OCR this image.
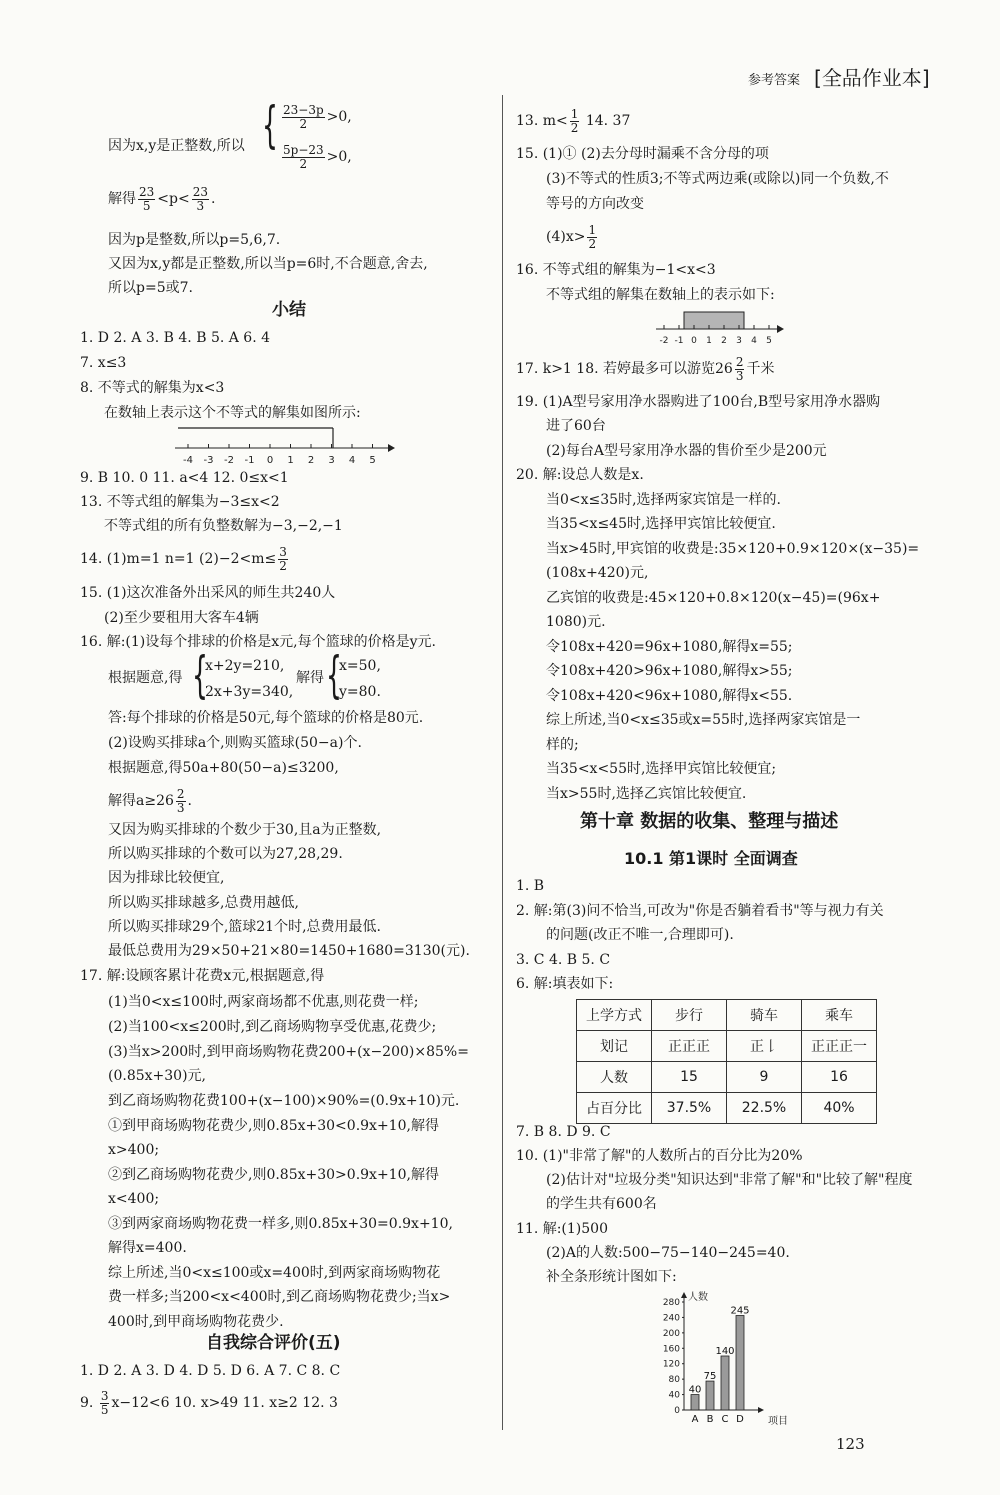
参考答案 [全品作业本]
因为x,y是正整数,所以 { $\frac{23-3p}{2} >0$,
$\frac{5p-23}{2} >0$,
解得 $\frac{23}{5} <p< \frac{23}{3}$ .
因为p是整数,所以p=5,6,7.
又因为x,y都是正整数,所以当p=6时,不合题意,舍去,
所以p=5或7.
小结
1. D 2. A 3. B 4. B 5. A 6. 4
7. x≤3
8. 不等式的解集为x<3
在数轴上表示这个不等式的解集如图所示:
-4 -3 -2 -1 0 1 2 3 4 5
9. B 10. 0 11. a<4 12. 0≤x<1
13. 不等式组的解集为−3≤x<2
不等式组的所有负整数解为−3,−2,−1
14. (1)m=1 n=1 $(2)-2<m\le \frac{3}{2}$
15. (1)这次准备外出采风的师生共240人
(2)至少要租用大客车4辆
16. 解:(1)设每个排球的价格是x元,每个篮球的价格是y元.
根据题意,得 {
x+2y=210,
2x+3y=340,
解得 {
x=50,
y=80.
答:每个排球的价格是50元,每个篮球的价格是80元.
(2)设购买排球a个,则购买篮球(50−a)个.
根据题意,得50a+80(50−a)≤3200,
解得$a\ge 26 \frac{2}{3}$ .
又因为购买排球的个数少于30,且a为正整数,
所以购买排球的个数可以为27,28,29.
因为排球比较便宜,
所以购买排球越多,总费用越低,
所以购买排球29个,篮球21个时,总费用最低.
最低总费用为29×50+21×80=1450+1680=3130(元).
17. 解:设顾客累计花费x元,根据题意,得
(1)当0<x≤100时,两家商场都不优惠,则花费一样;
(2)当100<x≤200时,到乙商场购物享受优惠,花费少;
(3)当x>200时,到甲商场购物花费200+(x−200)×85%=
(0.85x+30)元,
到乙商场购物花费100+(x−100)×90%=(0.9x+10)元.
①到甲商场购物花费少,则0.85x+30<0.9x+10,解得
x>400;
②到乙商场购物花费少,则0.85x+30>0.9x+10,解得
x<400;
③到两家商场购物花费一样多,则0.85x+30=0.9x+10,
解得x=400.
综上所述,当0<x≤100或x=400时,到两家商场购物花
费一样多;当200<x<400时,到乙商场购物花费少;当x>
400时,到甲商场购物花费少.
自我综合评价(五)
1. D 2. A 3. D 4. D 5. D 6. A 7. C 8. C
9. $\frac{3}{5} x-12<6$ 10. x>49 11. x≥2 12. 3
13. $m< \frac{1}{2} 14$. 37
15. (1)① (2)去分母时漏乘不含分母的项
(3)不等式的性质3;不等式两边乘(或除以)同一个负数,不
等号的方向改变
$(4)x> \frac{1}{2}$
16. 不等式组的解集为−1<x<3
不等式组的解集在数轴上的表示如下:
-2 -1 0 1 2 3 4 5
17. k>1 18. 若婷最多可以游览$26 \frac{2}{3}$ 千米
19. (1)A型号家用净水器购进了100台,B型号家用净水器购
进了60台
(2)每台A型号家用净水器的售价至少是200元
20. 解:设总人数是x.
当0<x≤35时,选择两家宾馆是一样的.
当35<x≤45时,选择甲宾馆比较便宜.
当x>45时,甲宾馆的收费是:35×120+0.9×120×(x−35)=
(108x+420)元,
乙宾馆的收费是:45×120+0.8×120(x−45)=(96x+
1080)元.
令108x+420=96x+1080,解得x=55;
令108x+420>96x+1080,解得x>55;
令108x+420<96x+1080,解得x<55.
综上所述,当0<x≤35或x=55时,选择两家宾馆是一
样的;
当35<x<55时,选择甲宾馆比较便宜;
当x>55时,选择乙宾馆比较便宜.
第十章 数据的收集、整理与描述
10.1 第1课时 全面调查
1. B
2. 解:第(3)问不恰当,可改为"你是否躺着看书"等与视力有关
的问题(改正不唯一,合理即可).
3. C 4. B 5. C
6. 解:填表如下:
上学方式	步行	骑车	乘车
划记	正正正	正𠄌	正正正一
人数	15	9	16
占百分比	37.5%	22.5%	40%
7. B 8. D 9. C
10. (1)"非常了解"的人数所占的百分比为20%
(2)估计对"垃圾分类"知识达到"非常了解"和"比较了解"程度
的学生共有600名
11. 解:(1)500
(2)A的人数:500−75−140−245=40.
补全条形统计图如下:
0
40
80
120
160
200
240
280 人数
项目
40
A
75
B
140
C
245
D
123
